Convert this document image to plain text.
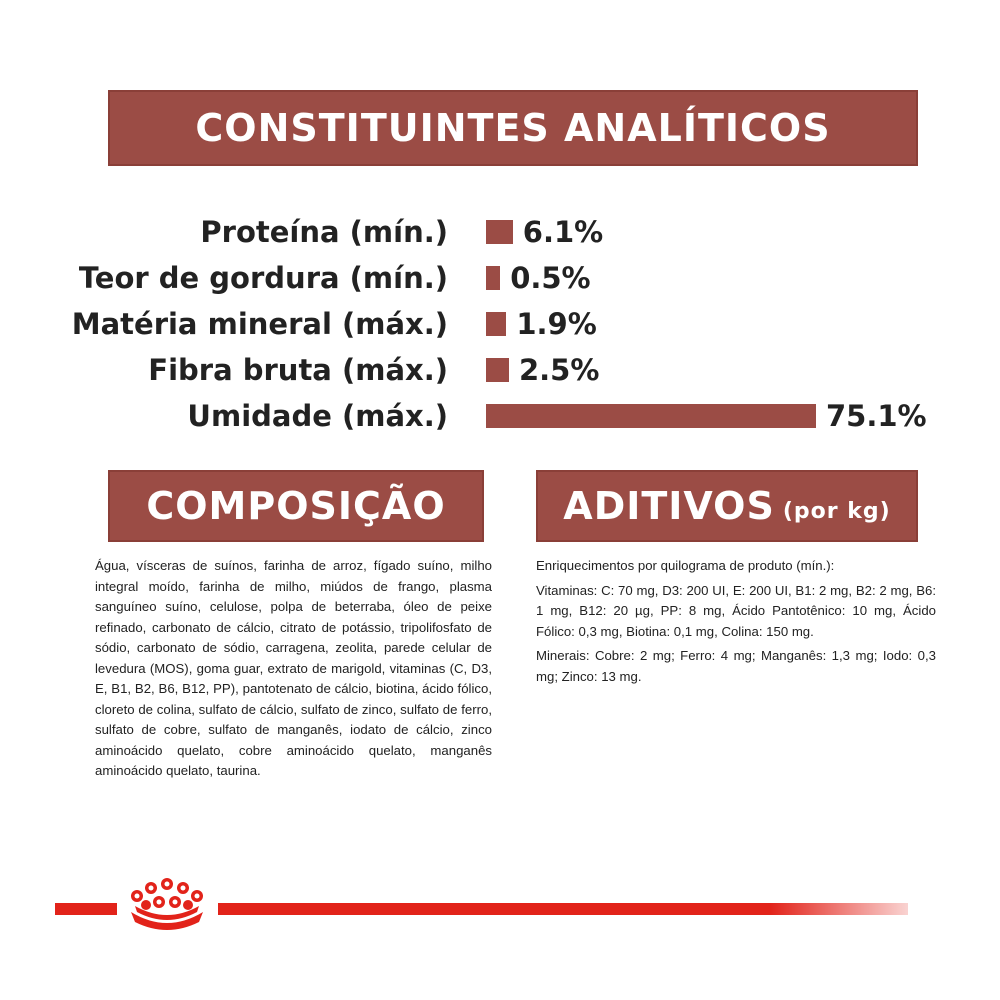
CONSTITUINTES ANALÍTICOS
Proteína (mín.)	6.1%
Teor de gordura (mín.) 0.5%
Matéria mineral (máx.) 1.9%
Fibra bruta (máx.) 2.5%
Umidade (máx.)	75.1%
COMPOSIÇÃO	ADITIVOS (por kg)
Água, vísceras de suínos, farinha de arroz, fígado suíno, milho integral moído, farinha de milho, miúdos de frango, plasma sanguíneo suíno, celulose, polpa de beterraba, óleo de peixe refinado, carbonato de cálcio, citrato de potássio, tripolifosfato de sódio, carbonato de sódio, carragena, zeolita, parede celular de levedura (MOS), goma guar, extrato de marigold, vitaminas (C, D3, E, B1, B2, B6, B12, PP), pantotenato de cálcio, biotina, ácido fólico, cloreto de colina, sulfato de cálcio, sulfato de zinco, sulfato de ferro, sulfato de cobre, sulfato de manganês, iodato de cálcio, zinco aminoácido quelato, cobre aminoácido quelato, manganês aminoácido quelato, taurina.

Enriquecimentos por quilograma de produto (mín.):

Vitaminas: C: 70 mg, D3: 200 UI, E: 200 UI, B1: 2 mg, B2: 2 mg, B6: 1 mg, B12: 20 µg, PP: 8 mg, Ácido Pantotênico: 10 mg, Ácido Fólico: 0,3 mg, Biotina: 0,1 mg, Colina: 150 mg.

Minerais: Cobre: 2 mg; Ferro: 4 mg; Manganês: 1,3 mg; Iodo: 0,3 mg; Zinco: 13 mg.
